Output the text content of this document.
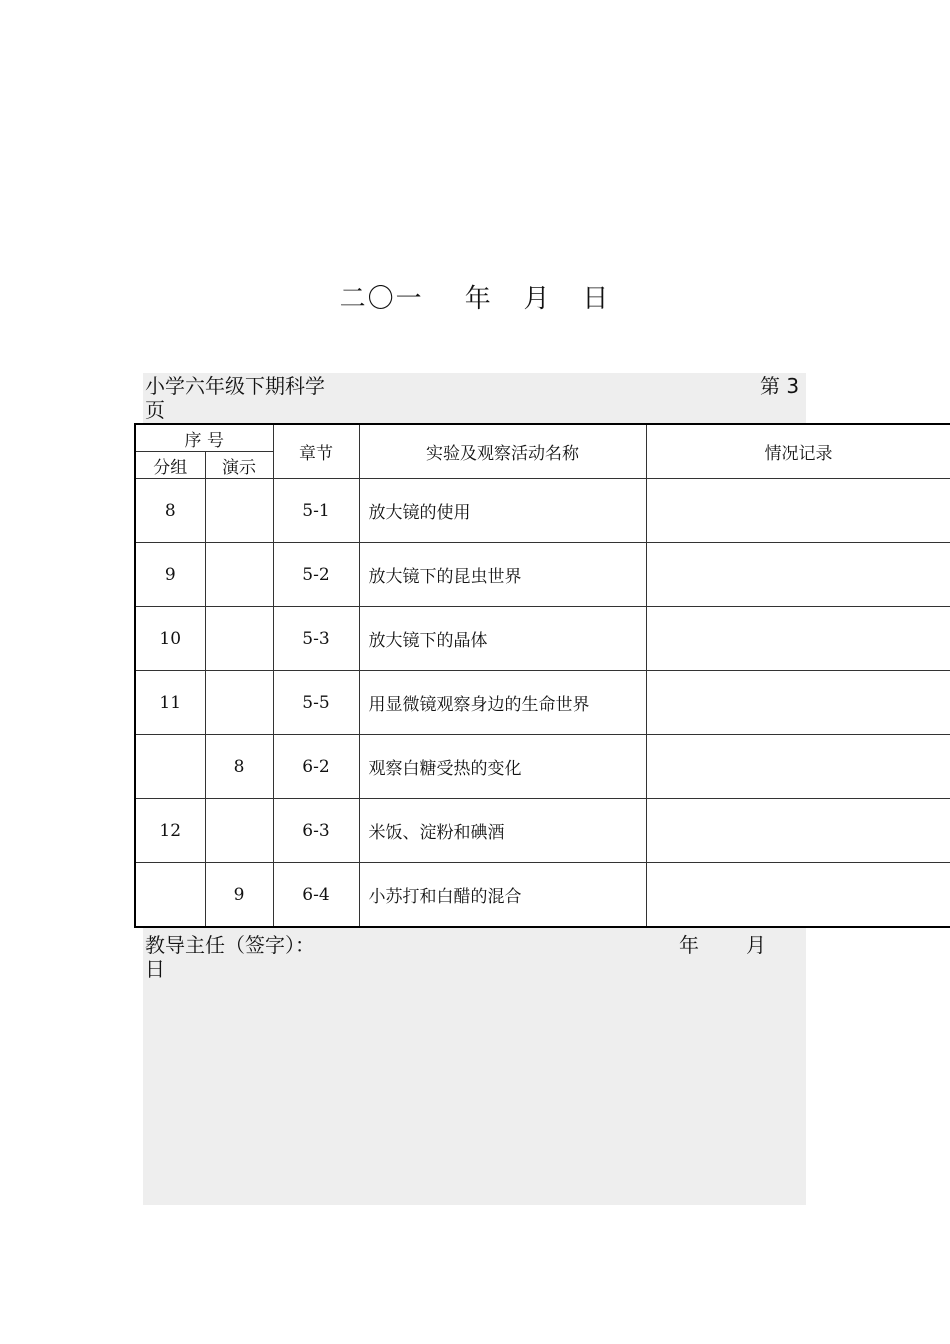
二〇一 年 月 日
小学六年级下期科学	第 3
页
序 号		章节	实验及观察活动名称	情况记录
分组	演示			
8		5-1	放大镜的使用	
9		5-2	放大镜下的昆虫世界	
10		5-3	放大镜下的晶体	
11		5-5	用显微镜观察身边的生命世界	
	8	6-2	观察白糖受热的变化	
12		6-3	米饭、淀粉和碘酒	
	9	6-4	小苏打和白醋的混合	
教导主任（签字）：	年 月
日
